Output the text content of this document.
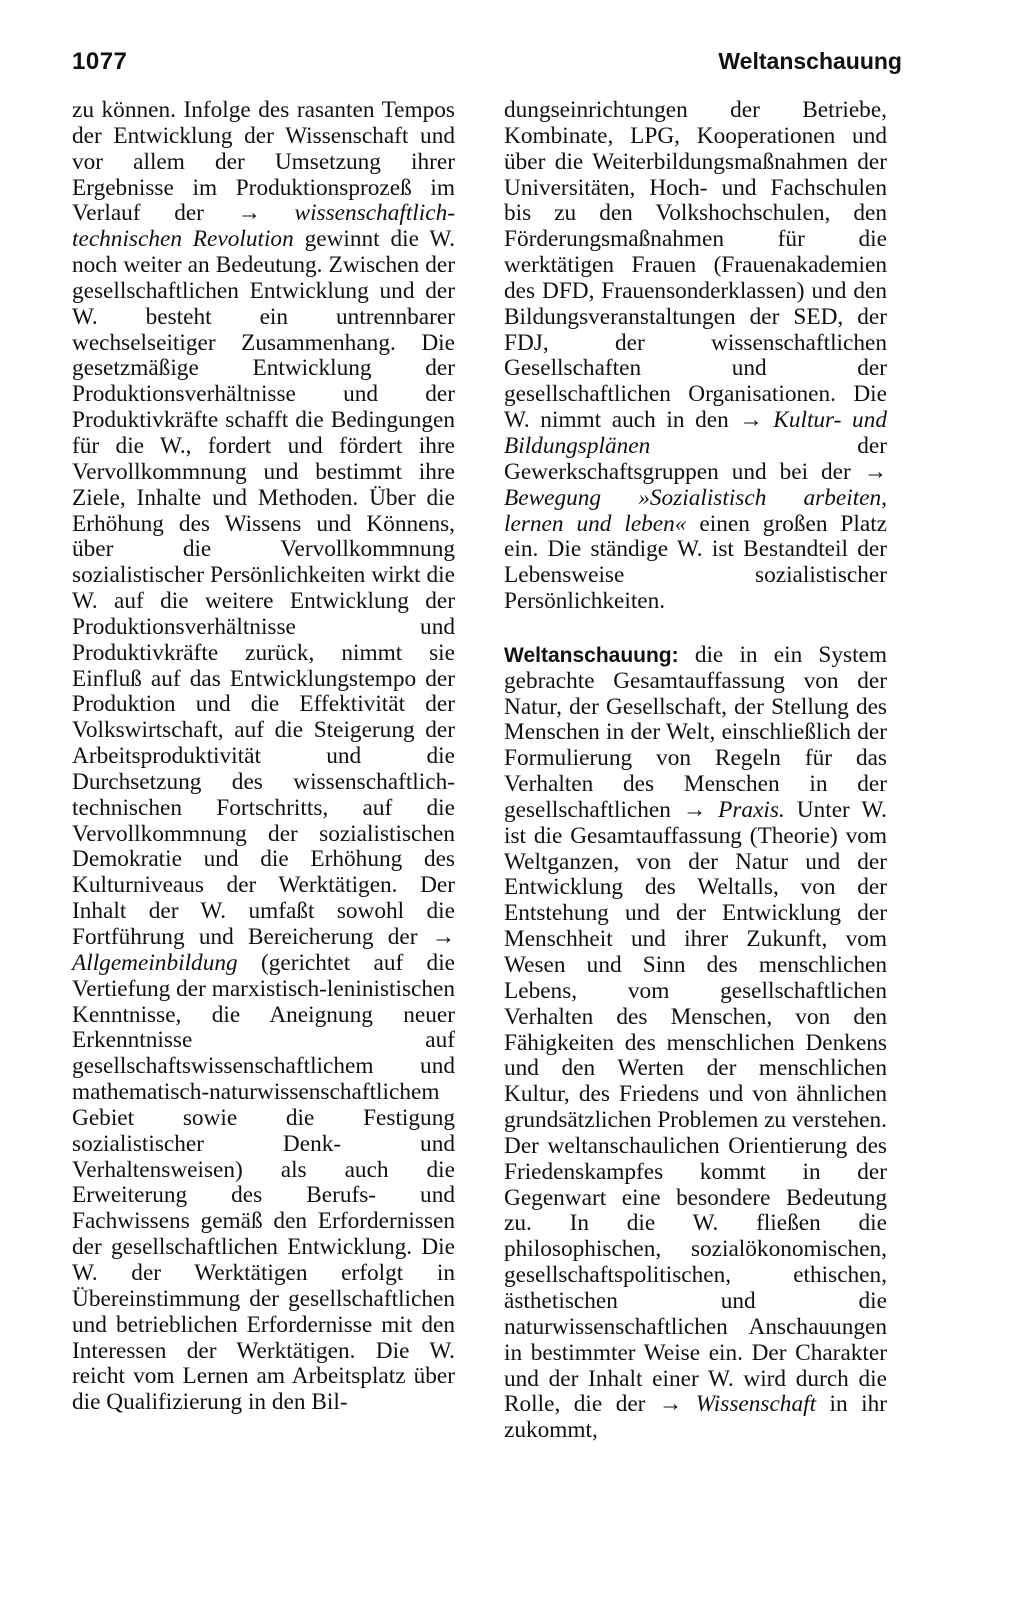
1077	Weltanschauung

zu können. Infolge des rasanten Tempos der Entwicklung der Wissenschaft und vor allem der Umsetzung ihrer Ergebnisse im Produktionsprozeß im Verlauf der → wissenschaftlich-technischen Revolution gewinnt die W. noch weiter an Bedeutung. Zwischen der gesellschaftlichen Entwicklung und der W. besteht ein untrennbarer wechselseitiger Zusammenhang. Die gesetzmäßige Entwicklung der Produktionsverhältnisse und der Produktivkräfte schafft die Bedingungen für die W., fordert und fördert ihre Vervollkommnung und bestimmt ihre Ziele, Inhalte und Methoden. Über die Erhöhung des Wissens und Könnens, über die Vervollkommnung sozialistischer Persönlichkeiten wirkt die W. auf die weitere Entwicklung der Produktionsverhältnisse und Produktivkräfte zurück, nimmt sie Einfluß auf das Entwicklungstempo der Produktion und die Effektivität der Volkswirtschaft, auf die Steigerung der Arbeitsproduktivität und die Durchsetzung des wissenschaftlich-technischen Fortschritts, auf die Vervollkommnung der sozialistischen Demokratie und die Erhöhung des Kulturniveaus der Werktätigen. Der Inhalt der W. umfaßt sowohl die Fortführung und Bereicherung der → Allgemeinbildung (gerichtet auf die Vertiefung der marxistisch-leninistischen Kenntnisse, die Aneignung neuer Erkenntnisse auf gesellschaftswissenschaftlichem und mathematisch-naturwissenschaftlichem Gebiet sowie die Festigung sozialistischer Denk- und Verhaltensweisen) als auch die Erweiterung des Berufs- und Fachwissens gemäß den Erfordernissen der gesellschaftlichen Entwicklung. Die W. der Werktätigen erfolgt in Übereinstimmung der gesellschaftlichen und betrieblichen Erfordernisse mit den Interessen der Werktätigen. Die W. reicht vom Lernen am Arbeitsplatz über die Qualifizierung in den Bil-

dungseinrichtungen der Betriebe, Kombinate, LPG, Kooperationen und über die Weiterbildungsmaßnahmen der Universitäten, Hoch- und Fachschulen bis zu den Volkshochschulen, den Förderungsmaßnahmen für die werktätigen Frauen (Frauenakademien des DFD, Frauensonderklassen) und den Bildungsveranstaltungen der SED, der FDJ, der wissenschaftlichen Gesellschaften und der gesellschaftlichen Organisationen. Die W. nimmt auch in den → Kultur- und Bildungsplänen	der Gewerkschaftsgruppen und bei der → Bewegung »Sozialistisch arbeiten, lernen und leben« einen großen Platz ein. Die ständige W. ist Bestandteil der Lebensweise sozialistischer Persönlichkeiten.

Weltanschauung: die in ein System gebrachte Gesamtauffassung von der Natur, der Gesellschaft, der Stellung des Menschen in der Welt, einschließlich der Formulierung von Regeln für das Verhalten des Menschen in der gesellschaftlichen → Praxis. Unter W. ist die Gesamtauffassung (Theorie) vom Weltganzen, von der Natur und der Entwicklung des Weltalls, von der Entstehung und der Entwicklung der Menschheit und ihrer Zukunft, vom Wesen und Sinn des menschlichen Lebens, vom gesellschaftlichen Verhalten des Menschen, von den Fähigkeiten des menschlichen Denkens und den Werten der menschlichen Kultur, des Friedens und von ähnlichen grundsätzlichen Problemen zu verstehen. Der weltanschaulichen Orientierung des Friedenskampfes kommt in der Gegenwart eine besondere Bedeutung zu. In die W. fließen die philosophischen, sozialökonomischen, gesellschaftspolitischen, ethischen, ästhetischen und die naturwissenschaftlichen Anschauungen in bestimmter Weise ein. Der Charakter und der Inhalt einer W. wird durch die Rolle, die der → Wissenschaft in ihr zukommt,
